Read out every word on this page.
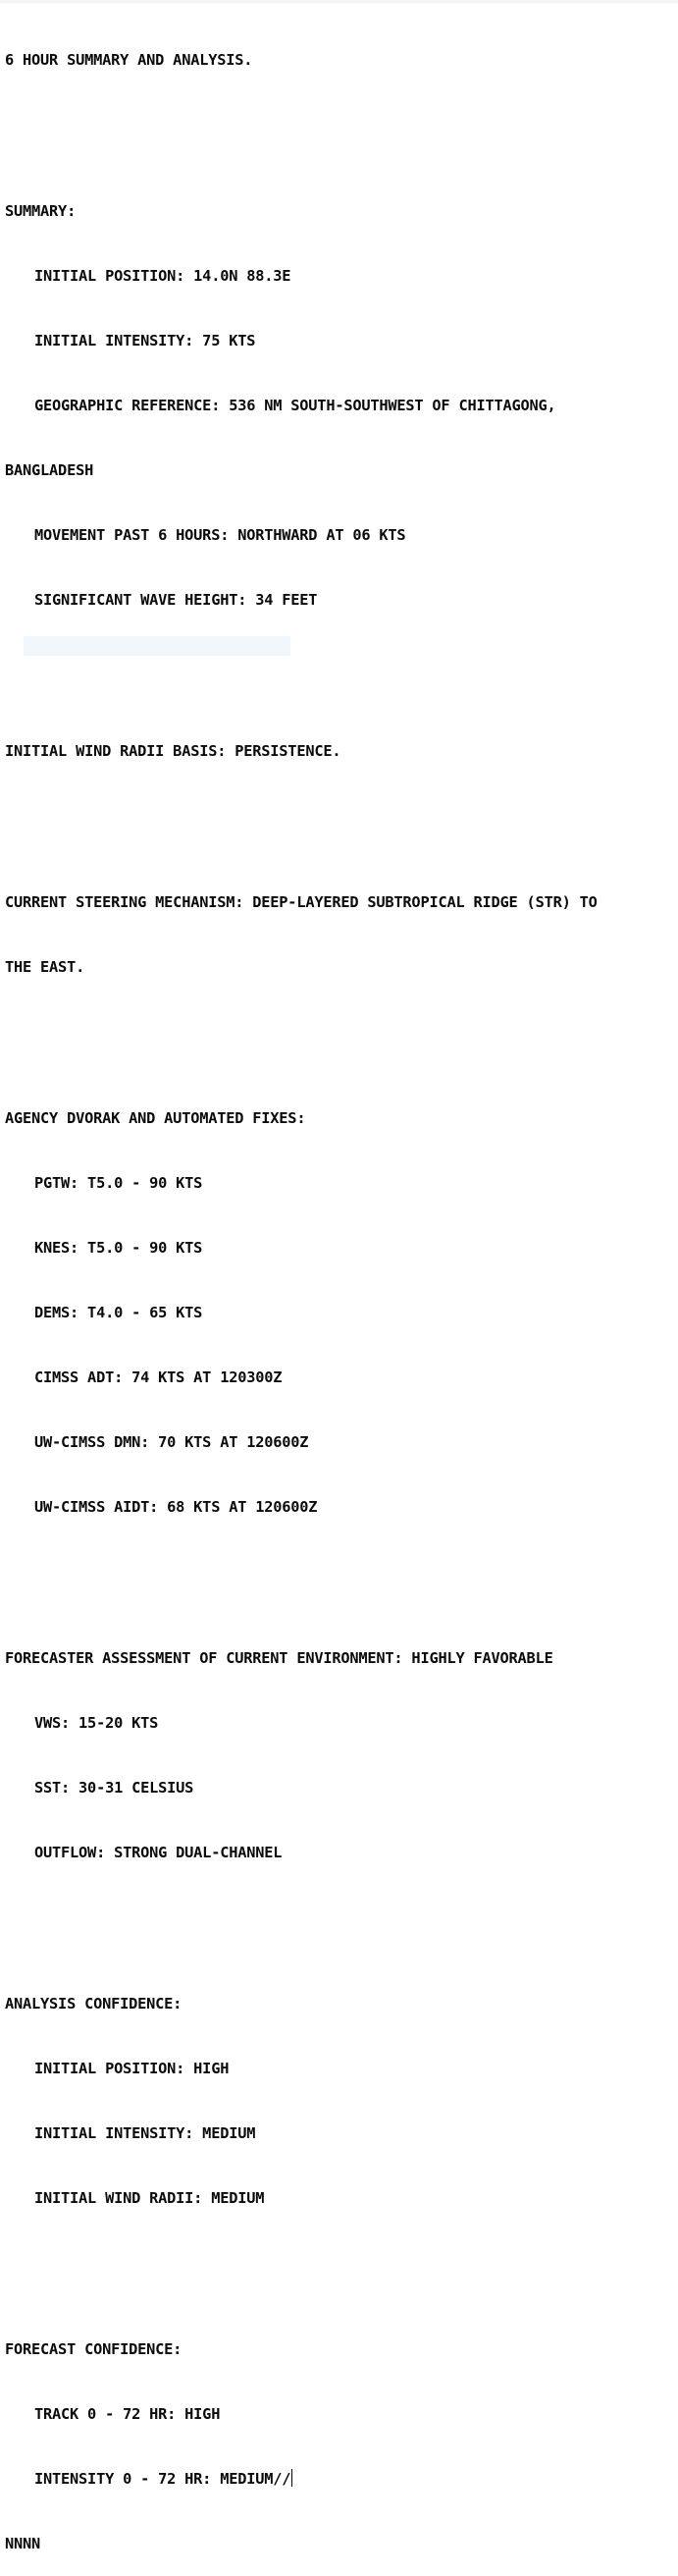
6 HOUR SUMMARY AND ANALYSIS.

SUMMARY:

INITIAL POSITION: 14.0N 88.3E

INITIAL INTENSITY: 75 KTS

GEOGRAPHIC REFERENCE: 536 NM SOUTH-SOUTHWEST OF CHITTAGONG,

BANGLADESH

MOVEMENT PAST 6 HOURS: NORTHWARD AT 06 KTS

SIGNIFICANT WAVE HEIGHT: 34 FEET

INITIAL WIND RADII BASIS: PERSISTENCE.

CURRENT STEERING MECHANISM: DEEP-LAYERED SUBTROPICAL RIDGE (STR) TO

THE EAST.

AGENCY DVORAK AND AUTOMATED FIXES:

PGTW: T5.0 - 90 KTS

KNES: T5.0 - 90 KTS

DEMS: T4.0 - 65 KTS

CIMSS ADT: 74 KTS AT 120300Z

UW-CIMSS DMN: 70 KTS AT 120600Z

UW-CIMSS AIDT: 68 KTS AT 120600Z

FORECASTER ASSESSMENT OF CURRENT ENVIRONMENT: HIGHLY FAVORABLE

VWS: 15-20 KTS

SST: 30-31 CELSIUS

OUTFLOW: STRONG DUAL-CHANNEL

ANALYSIS CONFIDENCE:

INITIAL POSITION: HIGH

INITIAL INTENSITY: MEDIUM

INITIAL WIND RADII: MEDIUM

FORECAST CONFIDENCE:

TRACK 0 - 72 HR: HIGH

INTENSITY 0 - 72 HR: MEDIUM//

NNNN
